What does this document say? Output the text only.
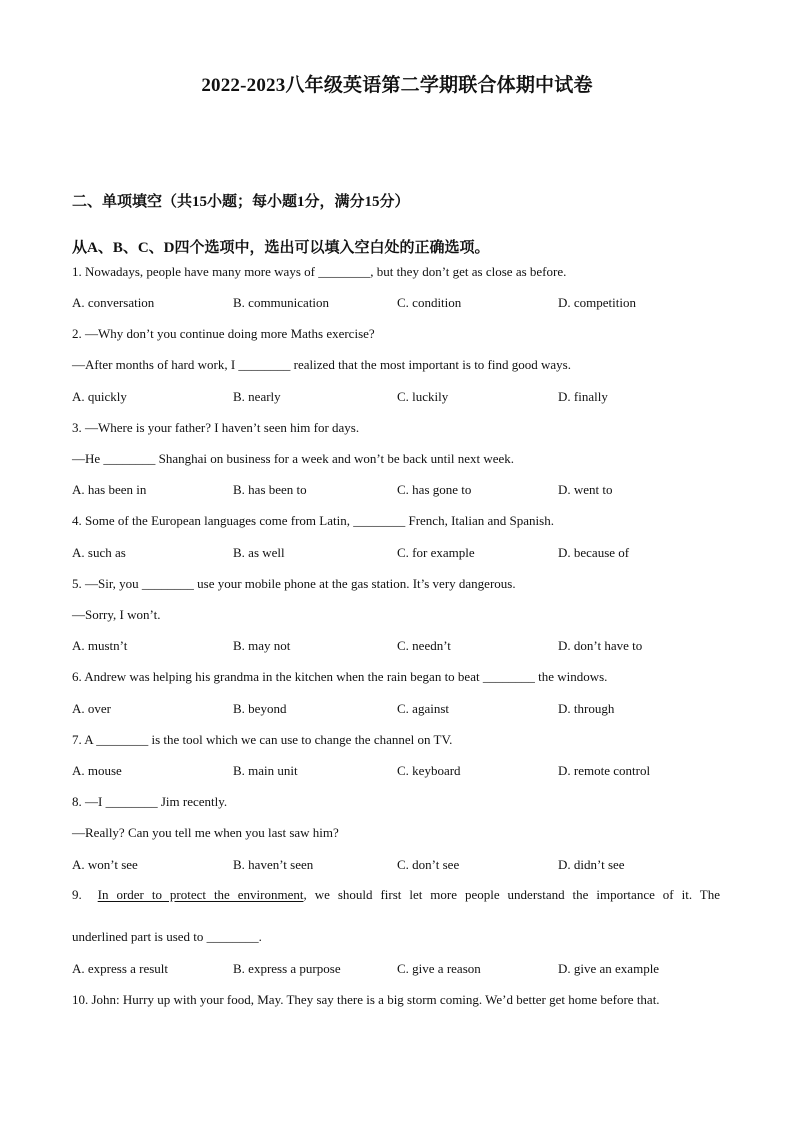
2022-2023八年级英语第二学期联合体期中试卷
二、单项填空（共15小题；每小题1分，满分15分）
从A、B、C、D四个选项中，选出可以填入空白处的正确选项。
1. Nowadays, people have many more ways of ________, but they don’t get as close as before.
A. conversation	B. communication	C. condition	D. competition
2. —Why don’t you continue doing more Maths exercise?
—After months of hard work, I ________ realized that the most important is to find good ways.
A. quickly	B. nearly	C. luckily	D. finally
3. —Where is your father? I haven’t seen him for days.
—He ________ Shanghai on business for a week and won’t be back until next week.
A. has been in	B. has been to	C. has gone to	D. went to
4. Some of the European languages come from Latin, ________ French, Italian and Spanish.
A. such as	B. as well	C. for example	D. because of
5. —Sir, you ________ use your mobile phone at the gas station. It’s very dangerous.
—Sorry, I won’t.
A. mustn’t	B. may not	C. needn’t	D. don’t have to
6. Andrew was helping his grandma in the kitchen when the rain began to beat ________ the windows.
A. over	B. beyond	C. against	D. through
7. A ________ is the tool which we can use to change the channel on TV.
A. mouse	B. main unit	C. keyboard	D. remote control
8. —I ________ Jim recently.
—Really? Can you tell me when you last saw him?
A. won’t see	B. haven’t seen	C. don’t see	D. didn’t see
9. In order to protect the environment, we should first let more people understand the importance of it. The
underlined part is used to ________.
A. express a result	B. express a purpose	C. give a reason	D. give an example
10. John: Hurry up with your food, May. They say there is a big storm coming. We’d better get home before that.
